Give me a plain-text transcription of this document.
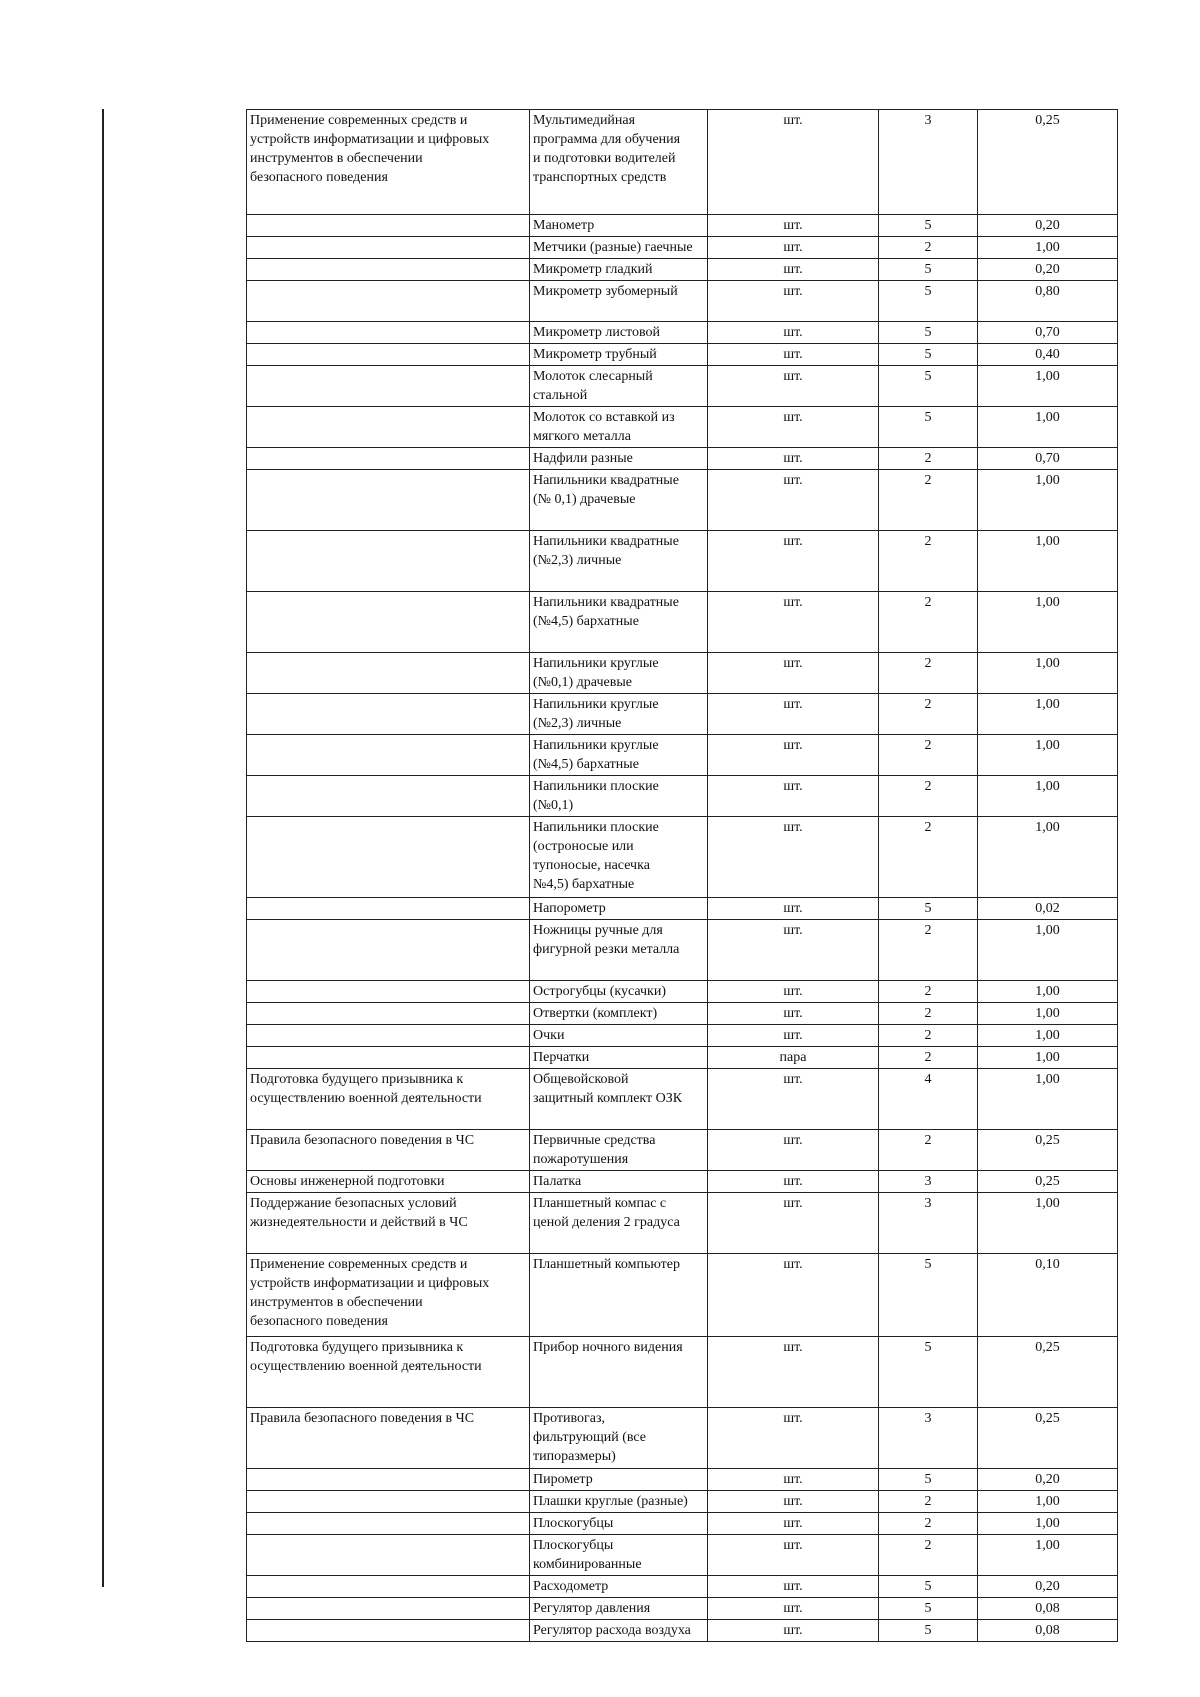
Применение современных средств и
устройств информатизации и цифровых
инструментов в обеспечении
безопасного поведения	Мультимедийная
программа для обучения
и подготовки водителей
транспортных средств	шт.	3	0,25
	Манометр	шт.	5	0,20
	Метчики (разные) гаечные	шт.	2	1,00
	Микрометр гладкий	шт.	5	0,20
	Микрометр зубомерный	шт.	5	0,80
	Микрометр листовой	шт.	5	0,70
	Микрометр трубный	шт.	5	0,40
	Молоток слесарный
стальной	шт.	5	1,00
	Молоток со вставкой из
мягкого металла	шт.	5	1,00
	Надфили разные	шт.	2	0,70
	Напильники квадратные
(№ 0,1) драчевые	шт.	2	1,00
	Напильники квадратные
(№2,3) личные	шт.	2	1,00
	Напильники квадратные
(№4,5) бархатные	шт.	2	1,00
	Напильники круглые
(№0,1) драчевые	шт.	2	1,00
	Напильники круглые
(№2,3) личные	шт.	2	1,00
	Напильники круглые
(№4,5) бархатные	шт.	2	1,00
	Напильники плоские
(№0,1)	шт.	2	1,00
	Напильники плоские
(остроносые или
тупоносые, насечка
№4,5) бархатные	шт.	2	1,00
	Напорометр	шт.	5	0,02
	Ножницы ручные для
фигурной резки металла	шт.	2	1,00
	Острогубцы (кусачки)	шт.	2	1,00
	Отвертки (комплект)	шт.	2	1,00
	Очки	шт.	2	1,00
	Перчатки	пара	2	1,00
Подготовка будущего призывника к
осуществлению военной деятельности	Общевойсковой
защитный комплект ОЗК	шт.	4	1,00
Правила безопасного поведения в ЧС	Первичные средства
пожаротушения	шт.	2	0,25
Основы инженерной подготовки	Палатка	шт.	3	0,25
Поддержание безопасных условий
жизнедеятельности и действий в ЧС	Планшетный компас с
ценой деления 2 градуса	шт.	3	1,00
Применение современных средств и
устройств информатизации и цифровых
инструментов в обеспечении
безопасного поведения	Планшетный компьютер	шт.	5	0,10
Подготовка будущего призывника к
осуществлению военной деятельности	Прибор ночного видения	шт.	5	0,25
Правила безопасного поведения в ЧС	Противогаз,
фильтрующий (все
типоразмеры)	шт.	3	0,25
	Пирометр	шт.	5	0,20
	Плашки круглые (разные)	шт.	2	1,00
	Плоскогубцы	шт.	2	1,00
	Плоскогубцы
комбинированные	шт.	2	1,00
	Расходометр	шт.	5	0,20
	Регулятор давления	шт.	5	0,08
	Регулятор расхода воздуха	шт.	5	0,08
